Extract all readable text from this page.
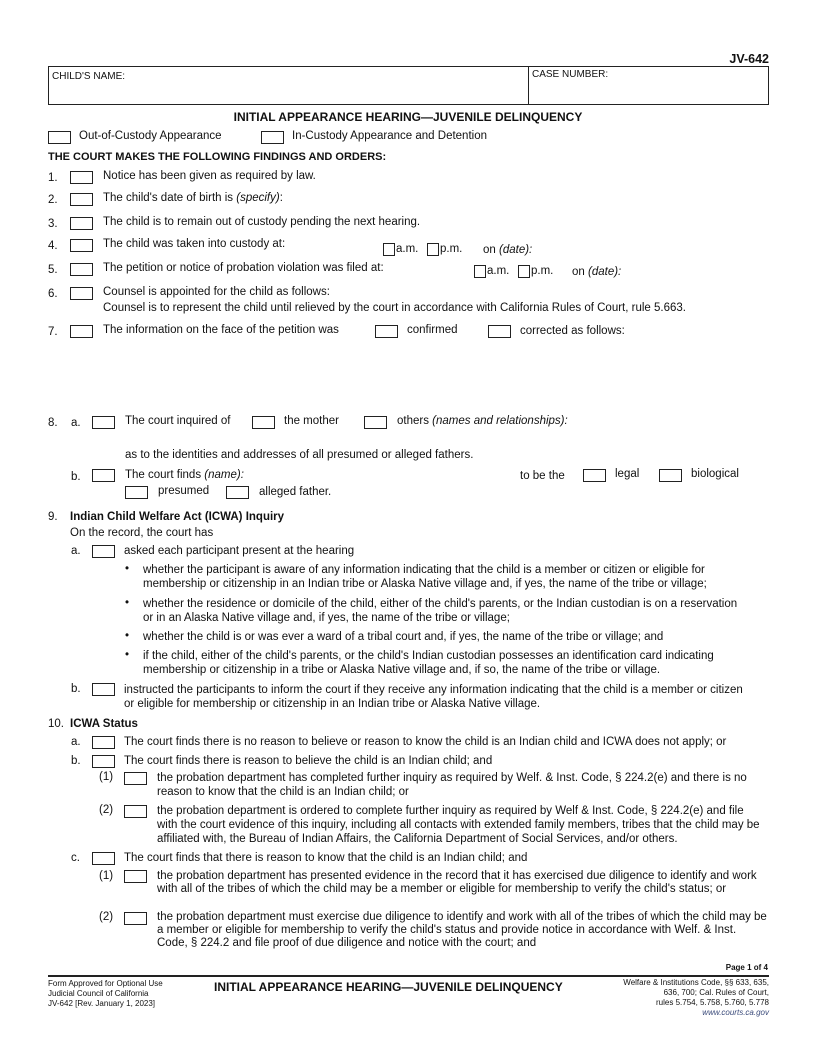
JV-642
CHILD'S NAME:	CASE NUMBER:
INITIAL APPEARANCE HEARING—JUVENILE DELINQUENCY
Out-of-Custody Appearance	In-Custody Appearance and Detention
THE COURT MAKES THE FOLLOWING FINDINGS AND ORDERS:
1.	Notice has been given as required by law.
2.	The child's date of birth is (specify):
3.	The child is to remain out of custody pending the next hearing.
4.	The child was taken into custody at:	a.m. p.m. on (date):
5.	The petition or notice of probation violation was filed at:	a.m. p.m. on (date):
6.	Counsel is appointed for the child as follows:
Counsel is to represent the child until relieved by the court in accordance with California Rules of Court, rule 5.663.
7.	The information on the face of the petition was	confirmed	corrected as follows:
8. a.	The court inquired of	the mother	others (names and relationships):
as to the identities and addresses of all presumed or alleged fathers.
b.	The court finds (name):	to be the	legal	biological
presumed	alleged father.
9. Indian Child Welfare Act (ICWA) Inquiry
On the record, the court has
a.	asked each participant present at the hearing
• whether the participant is aware of any information indicating that the child is a member or citizen or eligible for membership or citizenship in an Indian tribe or Alaska Native village and, if yes, the name of the tribe or village;
• whether the residence or domicile of the child, either of the child's parents, or the Indian custodian is on a reservation or in an Alaska Native village and, if yes, the name of the tribe or village;
• whether the child is or was ever a ward of a tribal court and, if yes, the name of the tribe or village; and
• if the child, either of the child's parents, or the child's Indian custodian possesses an identification card indicating membership or citizenship in a tribe or Alaska Native village and, if so, the name of the tribe or village.
b.	instructed the participants to inform the court if they receive any information indicating that the child is a member or citizen or eligible for membership or citizenship in an Indian tribe or Alaska Native village.
10. ICWA Status
a.	The court finds there is no reason to believe or reason to know the child is an Indian child and ICWA does not apply; or
b.	The court finds there is reason to believe the child is an Indian child; and
(1)	the probation department has completed further inquiry as required by Welf. & Inst. Code, § 224.2(e) and there is no reason to know that the child is an Indian child; or
(2)	the probation department is ordered to complete further inquiry as required by Welf & Inst. Code, § 224.2(e) and file with the court evidence of this inquiry, including all contacts with extended family members, tribes that the child may be affiliated with, the Bureau of Indian Affairs, the California Department of Social Services, and/or others.
c.	The court finds that there is reason to know that the child is an Indian child; and
(1)	the probation department has presented evidence in the record that it has exercised due diligence to identify and work with all of the tribes of which the child may be a member or eligible for membership to verify the child's status; or
(2)	the probation department must exercise due diligence to identify and work with all of the tribes of which the child may be a member or eligible for membership to verify the child's status and provide notice in accordance with Welf. & Inst. Code, § 224.2 and file proof of due diligence and notice with the court; and
Page 1 of 4
Form Approved for Optional Use
Judicial Council of California
JV-642 [Rev. January 1, 2023]
INITIAL APPEARANCE HEARING—JUVENILE DELINQUENCY	Welfare & Institutions Code, §§ 633, 635,
636, 700; Cal. Rules of Court,
rules 5.754, 5.758, 5.760, 5.778
www.courts.ca.gov
